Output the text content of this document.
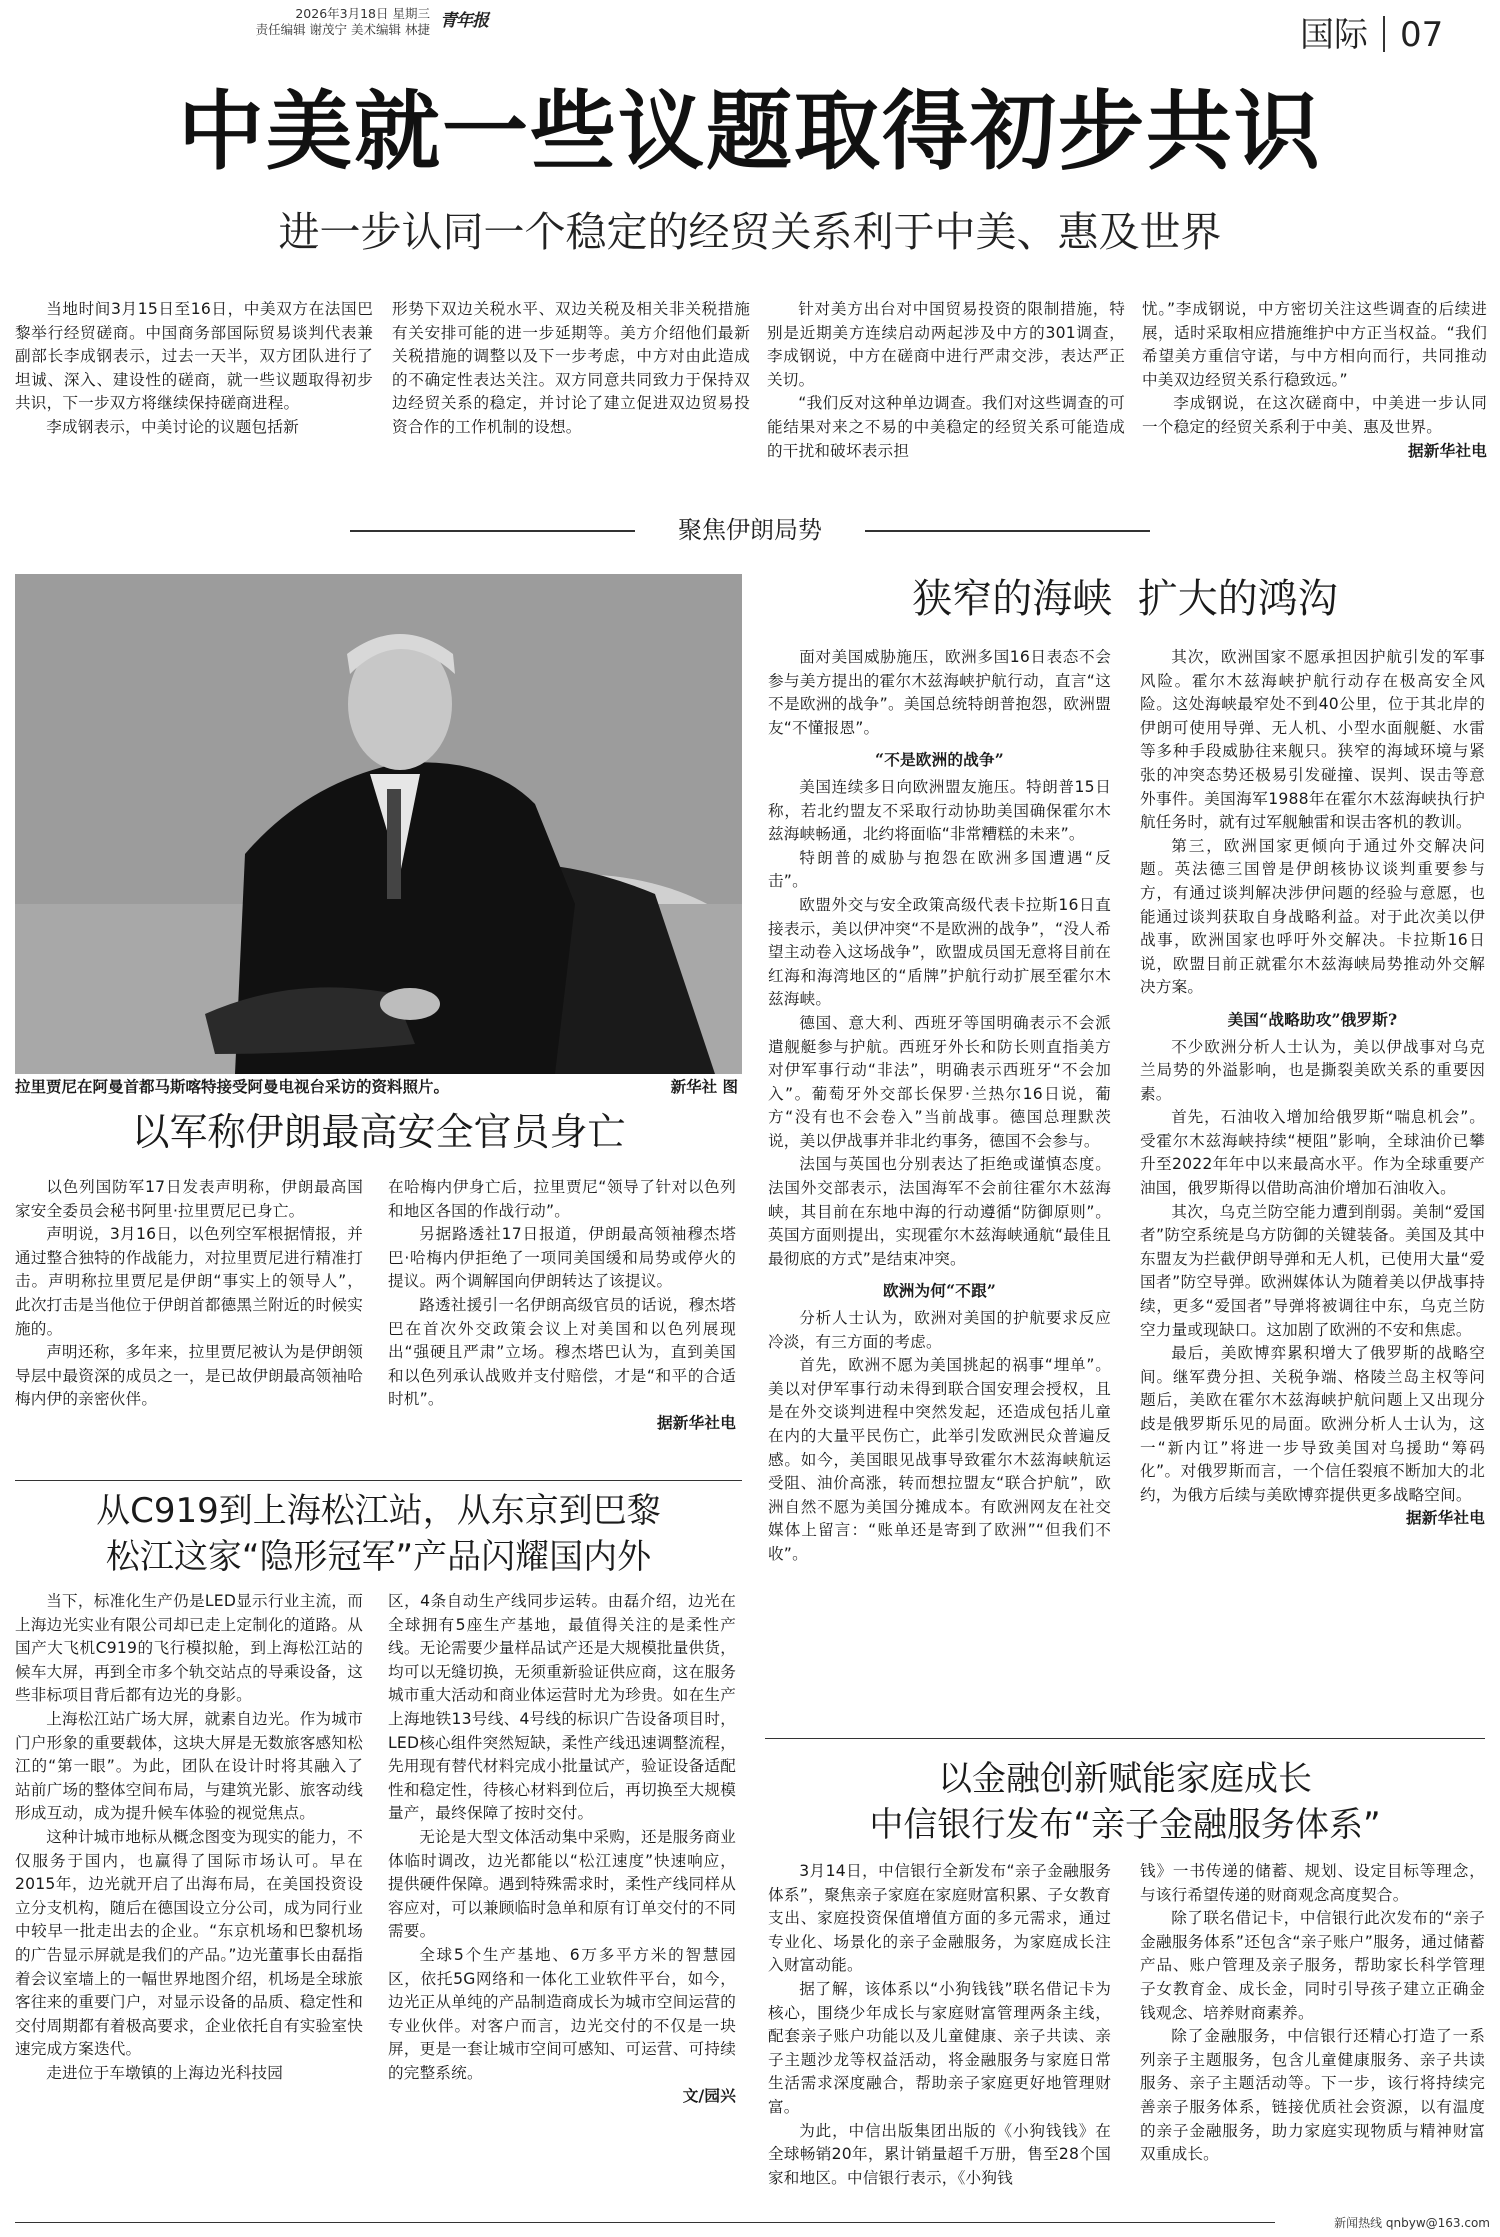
2026年3月18日 星期三
责任编辑 谢茂宁 美术编辑 林捷 青年报	国际 07
中美就一些议题取得初步共识
进一步认同一个稳定的经贸关系利于中美、惠及世界

当地时间3月15日至16日，中美双方在法国巴黎举行经贸磋商。中国商务部国际贸易谈判代表兼副部长李成钢表示，过去一天半，双方团队进行了坦诚、深入、建设性的磋商，就一些议题取得初步共识，下一步双方将继续保持磋商进程。

李成钢表示，中美讨论的议题包括新

形势下双边关税水平、双边关税及相关非关税措施有关安排可能的进一步延期等。美方介绍他们最新关税措施的调整以及下一步考虑，中方对由此造成的不确定性表达关注。双方同意共同致力于保持双边经贸关系的稳定，并讨论了建立促进双边贸易投资合作的工作机制的设想。

针对美方出台对中国贸易投资的限制措施，特别是近期美方连续启动两起涉及中方的301调查，李成钢说，中方在磋商中进行严肃交涉，表达严正关切。

“我们反对这种单边调查。我们对这些调查的可能结果对来之不易的中美稳定的经贸关系可能造成的干扰和破坏表示担

忧。”李成钢说，中方密切关注这些调查的后续进展，适时采取相应措施维护中方正当权益。“我们希望美方重信守诺，与中方相向而行，共同推动中美双边经贸关系行稳致远。”

李成钢说，在这次磋商中，中美进一步认同一个稳定的经贸关系利于中美、惠及世界。

据新华社电

聚焦伊朗局势
拉里贾尼在阿曼首都马斯喀特接受阿曼电视台采访的资料照片。	新华社 图
狭窄的海峡  扩大的鸿沟

面对美国威胁施压，欧洲多国16日表态不会参与美方提出的霍尔木兹海峡护航行动，直言“这不是欧洲的战争”。美国总统特朗普抱怨，欧洲盟友“不懂报恩”。

“不是欧洲的战争”

美国连续多日向欧洲盟友施压。特朗普15日称，若北约盟友不采取行动协助美国确保霍尔木兹海峡畅通，北约将面临“非常糟糕的未来”。

特朗普的威胁与抱怨在欧洲多国遭遇“反击”。

欧盟外交与安全政策高级代表卡拉斯16日直接表示，美以伊冲突“不是欧洲的战争”，“没人希望主动卷入这场战争”，欧盟成员国无意将目前在红海和海湾地区的“盾牌”护航行动扩展至霍尔木兹海峡。

德国、意大利、西班牙等国明确表示不会派遣舰艇参与护航。西班牙外长和防长则直指美方对伊军事行动“非法”，明确表示西班牙“不会加入”。葡萄牙外交部长保罗·兰热尔16日说，葡方“没有也不会卷入”当前战事。德国总理默茨说，美以伊战事并非北约事务，德国不会参与。

法国与英国也分别表达了拒绝或谨慎态度。法国外交部表示，法国海军不会前往霍尔木兹海峡，其目前在东地中海的行动遵循“防御原则”。英国方面则提出，实现霍尔木兹海峡通航“最佳且最彻底的方式”是结束冲突。

欧洲为何“不跟”

分析人士认为，欧洲对美国的护航要求反应冷淡，有三方面的考虑。

首先，欧洲不愿为美国挑起的祸事“埋单”。美以对伊军事行动未得到联合国安理会授权，且是在外交谈判进程中突然发起，还造成包括儿童在内的大量平民伤亡，此举引发欧洲民众普遍反感。如今，美国眼见战事导致霍尔木兹海峡航运受阻、油价高涨，转而想拉盟友“联合护航”，欧洲自然不愿为美国分摊成本。有欧洲网友在社交媒体上留言：“账单还是寄到了欧洲”“但我们不收”。

其次，欧洲国家不愿承担因护航引发的军事风险。霍尔木兹海峡护航行动存在极高安全风险。这处海峡最窄处不到40公里，位于其北岸的伊朗可使用导弹、无人机、小型水面舰艇、水雷等多种手段威胁往来舰只。狭窄的海域环境与紧张的冲突态势还极易引发碰撞、误判、误击等意外事件。美国海军1988年在霍尔木兹海峡执行护航任务时，就有过军舰触雷和误击客机的教训。

第三，欧洲国家更倾向于通过外交解决问题。英法德三国曾是伊朗核协议谈判重要参与方，有通过谈判解决涉伊问题的经验与意愿，也能通过谈判获取自身战略利益。对于此次美以伊战事，欧洲国家也呼吁外交解决。卡拉斯16日说，欧盟目前正就霍尔木兹海峡局势推动外交解决方案。

美国“战略助攻”俄罗斯?

不少欧洲分析人士认为，美以伊战事对乌克兰局势的外溢影响，也是撕裂美欧关系的重要因素。

首先，石油收入增加给俄罗斯“喘息机会”。受霍尔木兹海峡持续“梗阻”影响，全球油价已攀升至2022年年中以来最高水平。作为全球重要产油国，俄罗斯得以借助高油价增加石油收入。

其次，乌克兰防空能力遭到削弱。美制“爱国者”防空系统是乌方防御的关键装备。美国及其中东盟友为拦截伊朗导弹和无人机，已使用大量“爱国者”防空导弹。欧洲媒体认为随着美以伊战事持续，更多“爱国者”导弹将被调往中东，乌克兰防空力量或现缺口。这加剧了欧洲的不安和焦虑。

最后，美欧博弈累积增大了俄罗斯的战略空间。继军费分担、关税争端、格陵兰岛主权等问题后，美欧在霍尔木兹海峡护航问题上又出现分歧是俄罗斯乐见的局面。欧洲分析人士认为，这一“新内讧”将进一步导致美国对乌援助“筹码化”。对俄罗斯而言，一个信任裂痕不断加大的北约，为俄方后续与美欧博弈提供更多战略空间。

据新华社电

以军称伊朗最高安全官员身亡

以色列国防军17日发表声明称，伊朗最高国家安全委员会秘书阿里·拉里贾尼已身亡。

声明说，3月16日，以色列空军根据情报，并通过整合独特的作战能力，对拉里贾尼进行精准打击。声明称拉里贾尼是伊朗“事实上的领导人”，此次打击是当他位于伊朗首都德黑兰附近的时候实施的。

声明还称，多年来，拉里贾尼被认为是伊朗领导层中最资深的成员之一，是已故伊朗最高领袖哈梅内伊的亲密伙伴。

在哈梅内伊身亡后，拉里贾尼“领导了针对以色列和地区各国的作战行动”。

另据路透社17日报道，伊朗最高领袖穆杰塔巴·哈梅内伊拒绝了一项同美国缓和局势或停火的提议。两个调解国向伊朗转达了该提议。

路透社援引一名伊朗高级官员的话说，穆杰塔巴在首次外交政策会议上对美国和以色列展现出“强硬且严肃”立场。穆杰塔巴认为，直到美国和以色列承认战败并支付赔偿，才是“和平的合适时机”。

据新华社电

从C919到上海松江站，从东京到巴黎
松江这家“隐形冠军”产品闪耀国内外

当下，标准化生产仍是LED显示行业主流，而上海边光实业有限公司却已走上定制化的道路。从国产大飞机C919的飞行模拟舱，到上海松江站的候车大屏，再到全市多个轨交站点的导乘设备，这些非标项目背后都有边光的身影。

上海松江站广场大屏，就素自边光。作为城市门户形象的重要载体，这块大屏是无数旅客感知松江的“第一眼”。为此，团队在设计时将其融入了站前广场的整体空间布局，与建筑光影、旅客动线形成互动，成为提升候车体验的视觉焦点。

这种计城市地标从概念图变为现实的能力，不仅服务于国内，也赢得了国际市场认可。早在2015年，边光就开启了出海布局，在美国投资设立分支机构，随后在德国设立分公司，成为同行业中较早一批走出去的企业。“东京机场和巴黎机场的广告显示屏就是我们的产品。”边光董事长由磊指着会议室墙上的一幅世界地图介绍，机场是全球旅客往来的重要门户，对显示设备的品质、稳定性和交付周期都有着极高要求，企业依托自有实验室快速完成方案迭代。

走进位于车墩镇的上海边光科技园

区，4条自动生产线同步运转。由磊介绍，边光在全球拥有5座生产基地，最值得关注的是柔性产线。无论需要少量样品试产还是大规模批量供货，均可以无缝切换，无须重新验证供应商，这在服务城市重大活动和商业体运营时尤为珍贵。如在生产上海地铁13号线、4号线的标识广告设备项目时，LED核心组件突然短缺，柔性产线迅速调整流程，先用现有替代材料完成小批量试产，验证设备适配性和稳定性，待核心材料到位后，再切换至大规模量产，最终保障了按时交付。

无论是大型文体活动集中采购，还是服务商业体临时调改，边光都能以“松江速度”快速响应，提供硬件保障。遇到特殊需求时，柔性产线同样从容应对，可以兼顾临时急单和原有订单交付的不同需要。

全球5个生产基地、6万多平方米的智慧园区，依托5G网络和一体化工业软件平台，如今，边光正从单纯的产品制造商成长为城市空间运营的专业伙伴。对客户而言，边光交付的不仅是一块屏，更是一套让城市空间可感知、可运营、可持续的完整系统。

文/园兴

以金融创新赋能家庭成长
中信银行发布“亲子金融服务体系”

3月14日，中信银行全新发布“亲子金融服务体系”，聚焦亲子家庭在家庭财富积累、子女教育支出、家庭投资保值增值方面的多元需求，通过专业化、场景化的亲子金融服务，为家庭成长注入财富动能。

据了解，该体系以“小狗钱钱”联名借记卡为核心，围绕少年成长与家庭财富管理两条主线，配套亲子账户功能以及儿童健康、亲子共读、亲子主题沙龙等权益活动，将金融服务与家庭日常生活需求深度融合，帮助亲子家庭更好地管理财富。

为此，中信出版集团出版的《小狗钱钱》在全球畅销20年，累计销量超千万册，售至28个国家和地区。中信银行表示，《小狗钱

钱》一书传递的储蓄、规划、设定目标等理念，与该行希望传递的财商观念高度契合。

除了联名借记卡，中信银行此次发布的“亲子金融服务体系”还包含“亲子账户”服务，通过储蓄产品、账户管理及亲子服务，帮助家长科学管理子女教育金、成长金，同时引导孩子建立正确金钱观念、培养财商素养。

除了金融服务，中信银行还精心打造了一系列亲子主题服务，包含儿童健康服务、亲子共读服务、亲子主题活动等。下一步，该行将持续完善亲子服务体系，链接优质社会资源，以有温度的亲子金融服务，助力家庭实现物质与精神财富双重成长。

新闻热线 qnbyw@163.com
